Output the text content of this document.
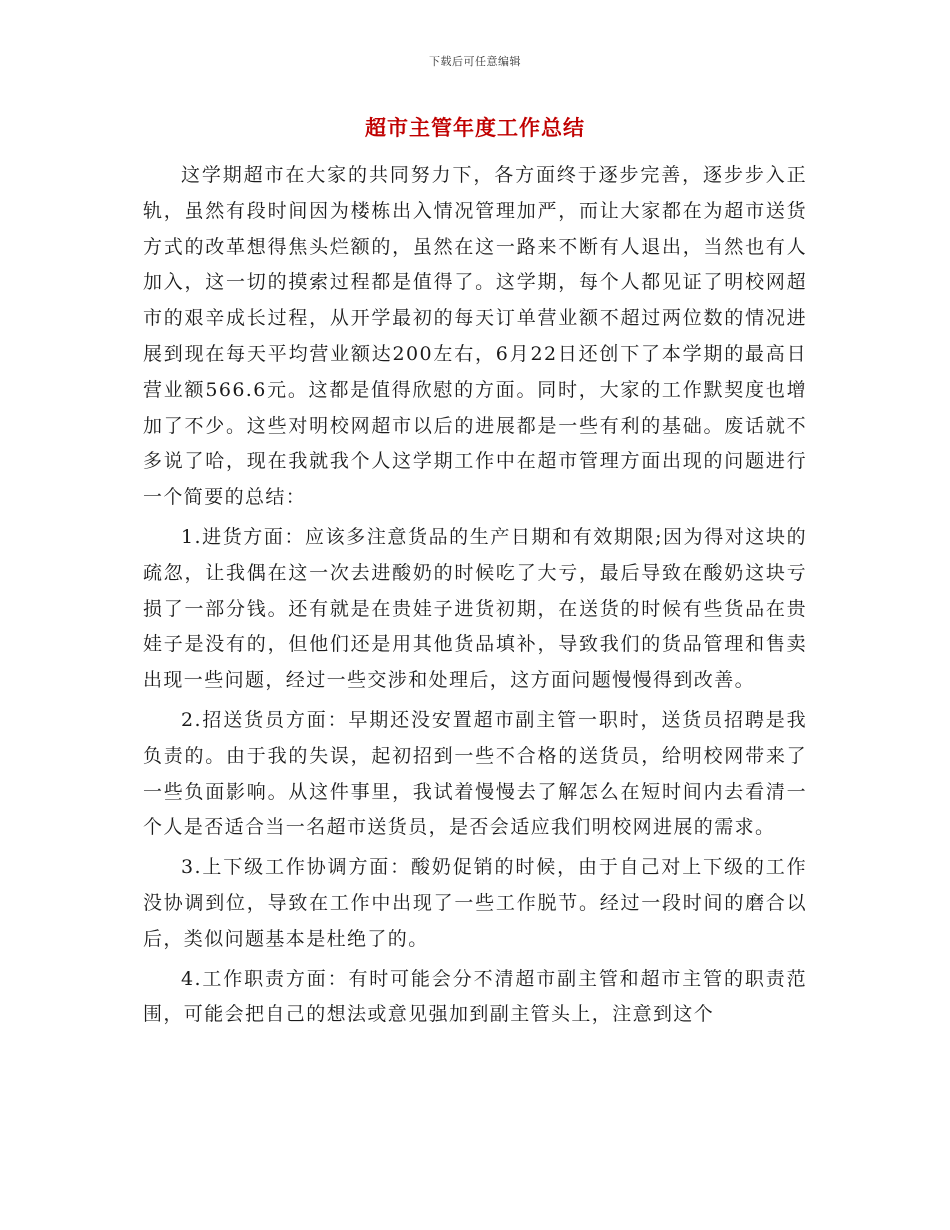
下载后可任意编辑
超市主管年度工作总结

这学期超市在大家的共同努力下，各方面终于逐步完善，逐步步入正轨，虽然有段时间因为楼栋出入情况管理加严，而让大家都在为超市送货方式的改革想得焦头烂额的，虽然在这一路来不断有人退出，当然也有人加入，这一切的摸索过程都是值得了。这学期，每个人都见证了明校网超市的艰辛成长过程，从开学最初的每天订单营业额不超过两位数的情况进展到现在每天平均营业额达200左右，6月22日还创下了本学期的最高日营业额566.6元。这都是值得欣慰的方面。同时，大家的工作默契度也增加了不少。这些对明校网超市以后的进展都是一些有利的基础。废话就不多说了哈，现在我就我个人这学期工作中在超市管理方面出现的问题进行一个简要的总结：

1.进货方面：应该多注意货品的生产日期和有效期限;因为得对这块的疏忽，让我偶在这一次去进酸奶的时候吃了大亏，最后导致在酸奶这块亏损了一部分钱。还有就是在贵娃子进货初期，在送货的时候有些货品在贵娃子是没有的，但他们还是用其他货品填补，导致我们的货品管理和售卖出现一些问题，经过一些交涉和处理后，这方面问题慢慢得到改善。

2.招送货员方面：早期还没安置超市副主管一职时，送货员招聘是我负责的。由于我的失误，起初招到一些不合格的送货员，给明校网带来了一些负面影响。从这件事里，我试着慢慢去了解怎么在短时间内去看清一个人是否适合当一名超市送货员，是否会适应我们明校网进展的需求。

3.上下级工作协调方面：酸奶促销的时候，由于自己对上下级的工作没协调到位，导致在工作中出现了一些工作脱节。经过一段时间的磨合以后，类似问题基本是杜绝了的。

4.工作职责方面：有时可能会分不清超市副主管和超市主管的职责范围，可能会把自己的想法或意见强加到副主管头上，注意到这个
